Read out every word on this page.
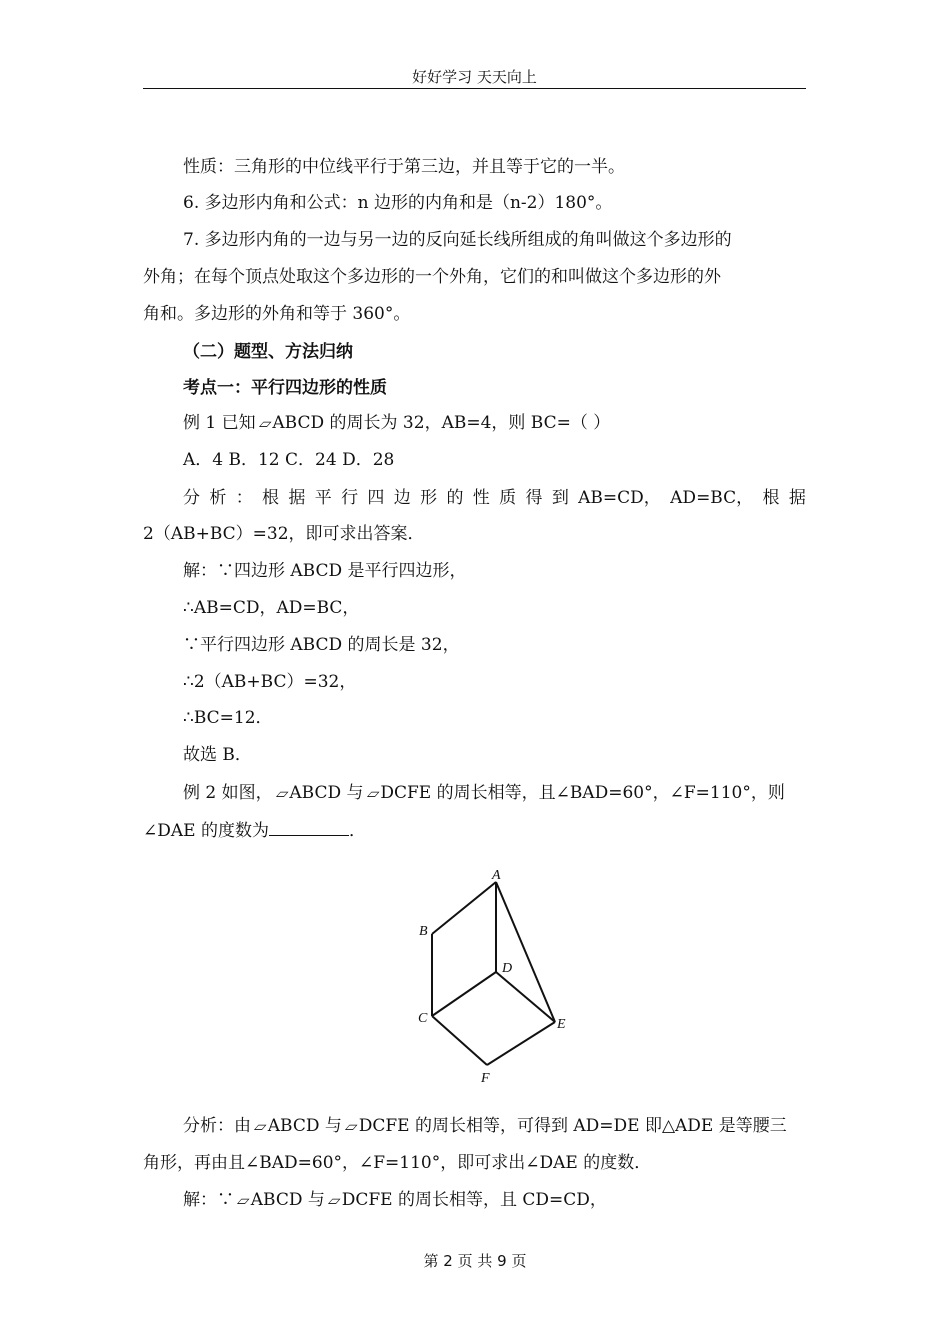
好好学习 天天向上
性质：三角形的中位线平行于第三边，并且等于它的一半。
6. 多边形内角和公式：n 边形的内角和是（n-2）180°。
7. 多边形内角的一边与另一边的反向延长线所组成的角叫做这个多边形的
外角；在每个顶点处取这个多边形的一个外角，它们的和叫做这个多边形的外
角和。多边形的外角和等于 360°。
（二）题型、方法归纳
考点一：平行四边形的性质
例 1 已知▱ABCD 的周长为 32，AB=4，则 BC=（ ）
A．4 B．12 C．24 D．28
分 析 ： 根 据 平 行 四 边 形 的 性 质 得 到 AB=CD， AD=BC， 根 据
2（AB+BC）=32，即可求出答案．
解：∵四边形 ABCD 是平行四边形，
∴AB=CD，AD=BC，
∵平行四边形 ABCD 的周长是 32，
∴2（AB+BC）=32，
∴BC=12．
故选 B．
例 2 如图，▱ABCD 与▱DCFE 的周长相等，且∠BAD=60°，∠F=110°，则
∠DAE 的度数为	．
A
B
C
D
E
F
分析：由▱ABCD 与▱DCFE 的周长相等，可得到 AD=DE 即△ADE 是等腰三
角形，再由且∠BAD=60°，∠F=110°，即可求出∠DAE 的度数．
解：∵▱ABCD 与▱DCFE 的周长相等，且 CD=CD，
第 2 页 共 9 页
